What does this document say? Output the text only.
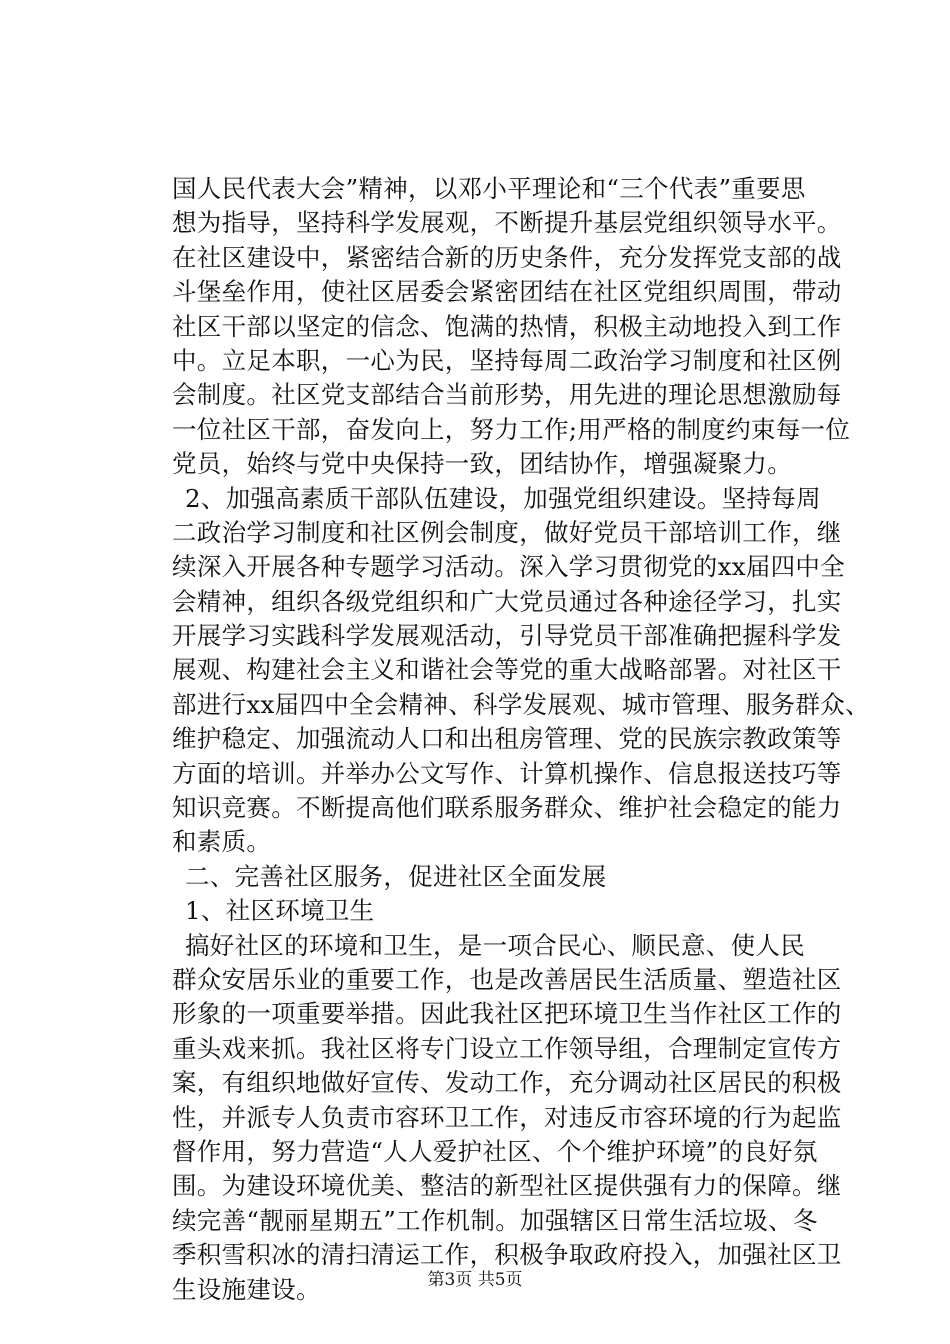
国人民代表大会”精神，以邓小平理论和“三个代表”重要思
想为指导，坚持科学发展观，不断提升基层党组织领导水平。
在社区建设中，紧密结合新的历史条件，充分发挥党支部的战
斗堡垒作用，使社区居委会紧密团结在社区党组织周围，带动
社区干部以坚定的信念、饱满的热情，积极主动地投入到工作
中。立足本职，一心为民，坚持每周二政治学习制度和社区例
会制度。社区党支部结合当前形势，用先进的理论思想激励每
一位社区干部，奋发向上，努力工作;用严格的制度约束每一位
党员，始终与党中央保持一致，团结协作，增强凝聚力。
2、加强高素质干部队伍建设，加强党组织建设。坚持每周
二政治学习制度和社区例会制度，做好党员干部培训工作，继
续深入开展各种专题学习活动。深入学习贯彻党的xx届四中全
会精神，组织各级党组织和广大党员通过各种途径学习，扎实
开展学习实践科学发展观活动，引导党员干部准确把握科学发
展观、构建社会主义和谐社会等党的重大战略部署。对社区干
部进行xx届四中全会精神、科学发展观、城市管理、服务群众、
维护稳定、加强流动人口和出租房管理、党的民族宗教政策等
方面的培训。并举办公文写作、计算机操作、信息报送技巧等
知识竞赛。不断提高他们联系服务群众、维护社会稳定的能力
和素质。
二、完善社区服务，促进社区全面发展
1、社区环境卫生
搞好社区的环境和卫生，是一项合民心、顺民意、使人民
群众安居乐业的重要工作，也是改善居民生活质量、塑造社区
形象的一项重要举措。因此我社区把环境卫生当作社区工作的
重头戏来抓。我社区将专门设立工作领导组，合理制定宣传方
案，有组织地做好宣传、发动工作，充分调动社区居民的积极
性，并派专人负责市容环卫工作，对违反市容环境的行为起监
督作用，努力营造“人人爱护社区、个个维护环境”的良好氛
围。为建设环境优美、整洁的新型社区提供强有力的保障。继
续完善“靓丽星期五”工作机制。加强辖区日常生活垃圾、冬
季积雪积冰的清扫清运工作，积极争取政府投入，加强社区卫
生设施建设。	第3页 共5页
